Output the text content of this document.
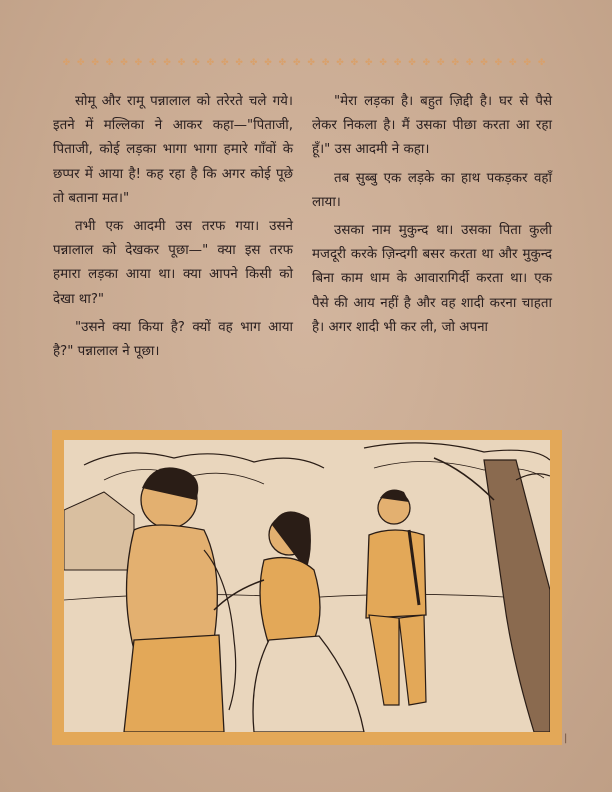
✤ ✤ ✤ ✤ ✤ ✤ ✤ ✤ ✤ ✤ ✤ ✤ ✤ ✤ ✤ ✤ ✤ ✤ ✤ ✤ ✤ ✤ ✤ ✤ ✤ ✤ ✤ ✤ ✤ ✤ ✤ ✤ ✤ ✤

सोमू और रामू पन्नालाल को तरेरते चले गये। इतने में मल्लिका ने आकर कहा—"पिताजी, पिताजी, कोई लड़का भागा भागा हमारे गाँवों के छप्पर में आया है! कह रहा है कि अगर कोई पूछे तो बताना मत।"

तभी एक आदमी उस तरफ गया। उसने पन्नालाल को देखकर पूछा—" क्या इस तरफ हमारा लड़का आया था। क्या आपने किसी को देखा था?"

"उसने क्या किया है? क्यों वह भाग आया है?" पन्नालाल ने पूछा।

"मेरा लड़का है। बहुत ज़िद्दी है। घर से पैसे लेकर निकला है। मैं उसका पीछा करता आ रहा हूँ।" उस आदमी ने कहा।

तब सुब्बु एक लड़के का हाथ पकड़कर वहाँ लाया।

उसका नाम मुकुन्द था। उसका पिता कुली मजदूरी करके ज़िन्दगी बसर करता था और मुकुन्द बिना काम धाम के आवारागिर्दी करता था। एक पैसे की आय नहीं है और वह शादी करना चाहता है। अगर शादी भी कर ली, जो अपना

|
